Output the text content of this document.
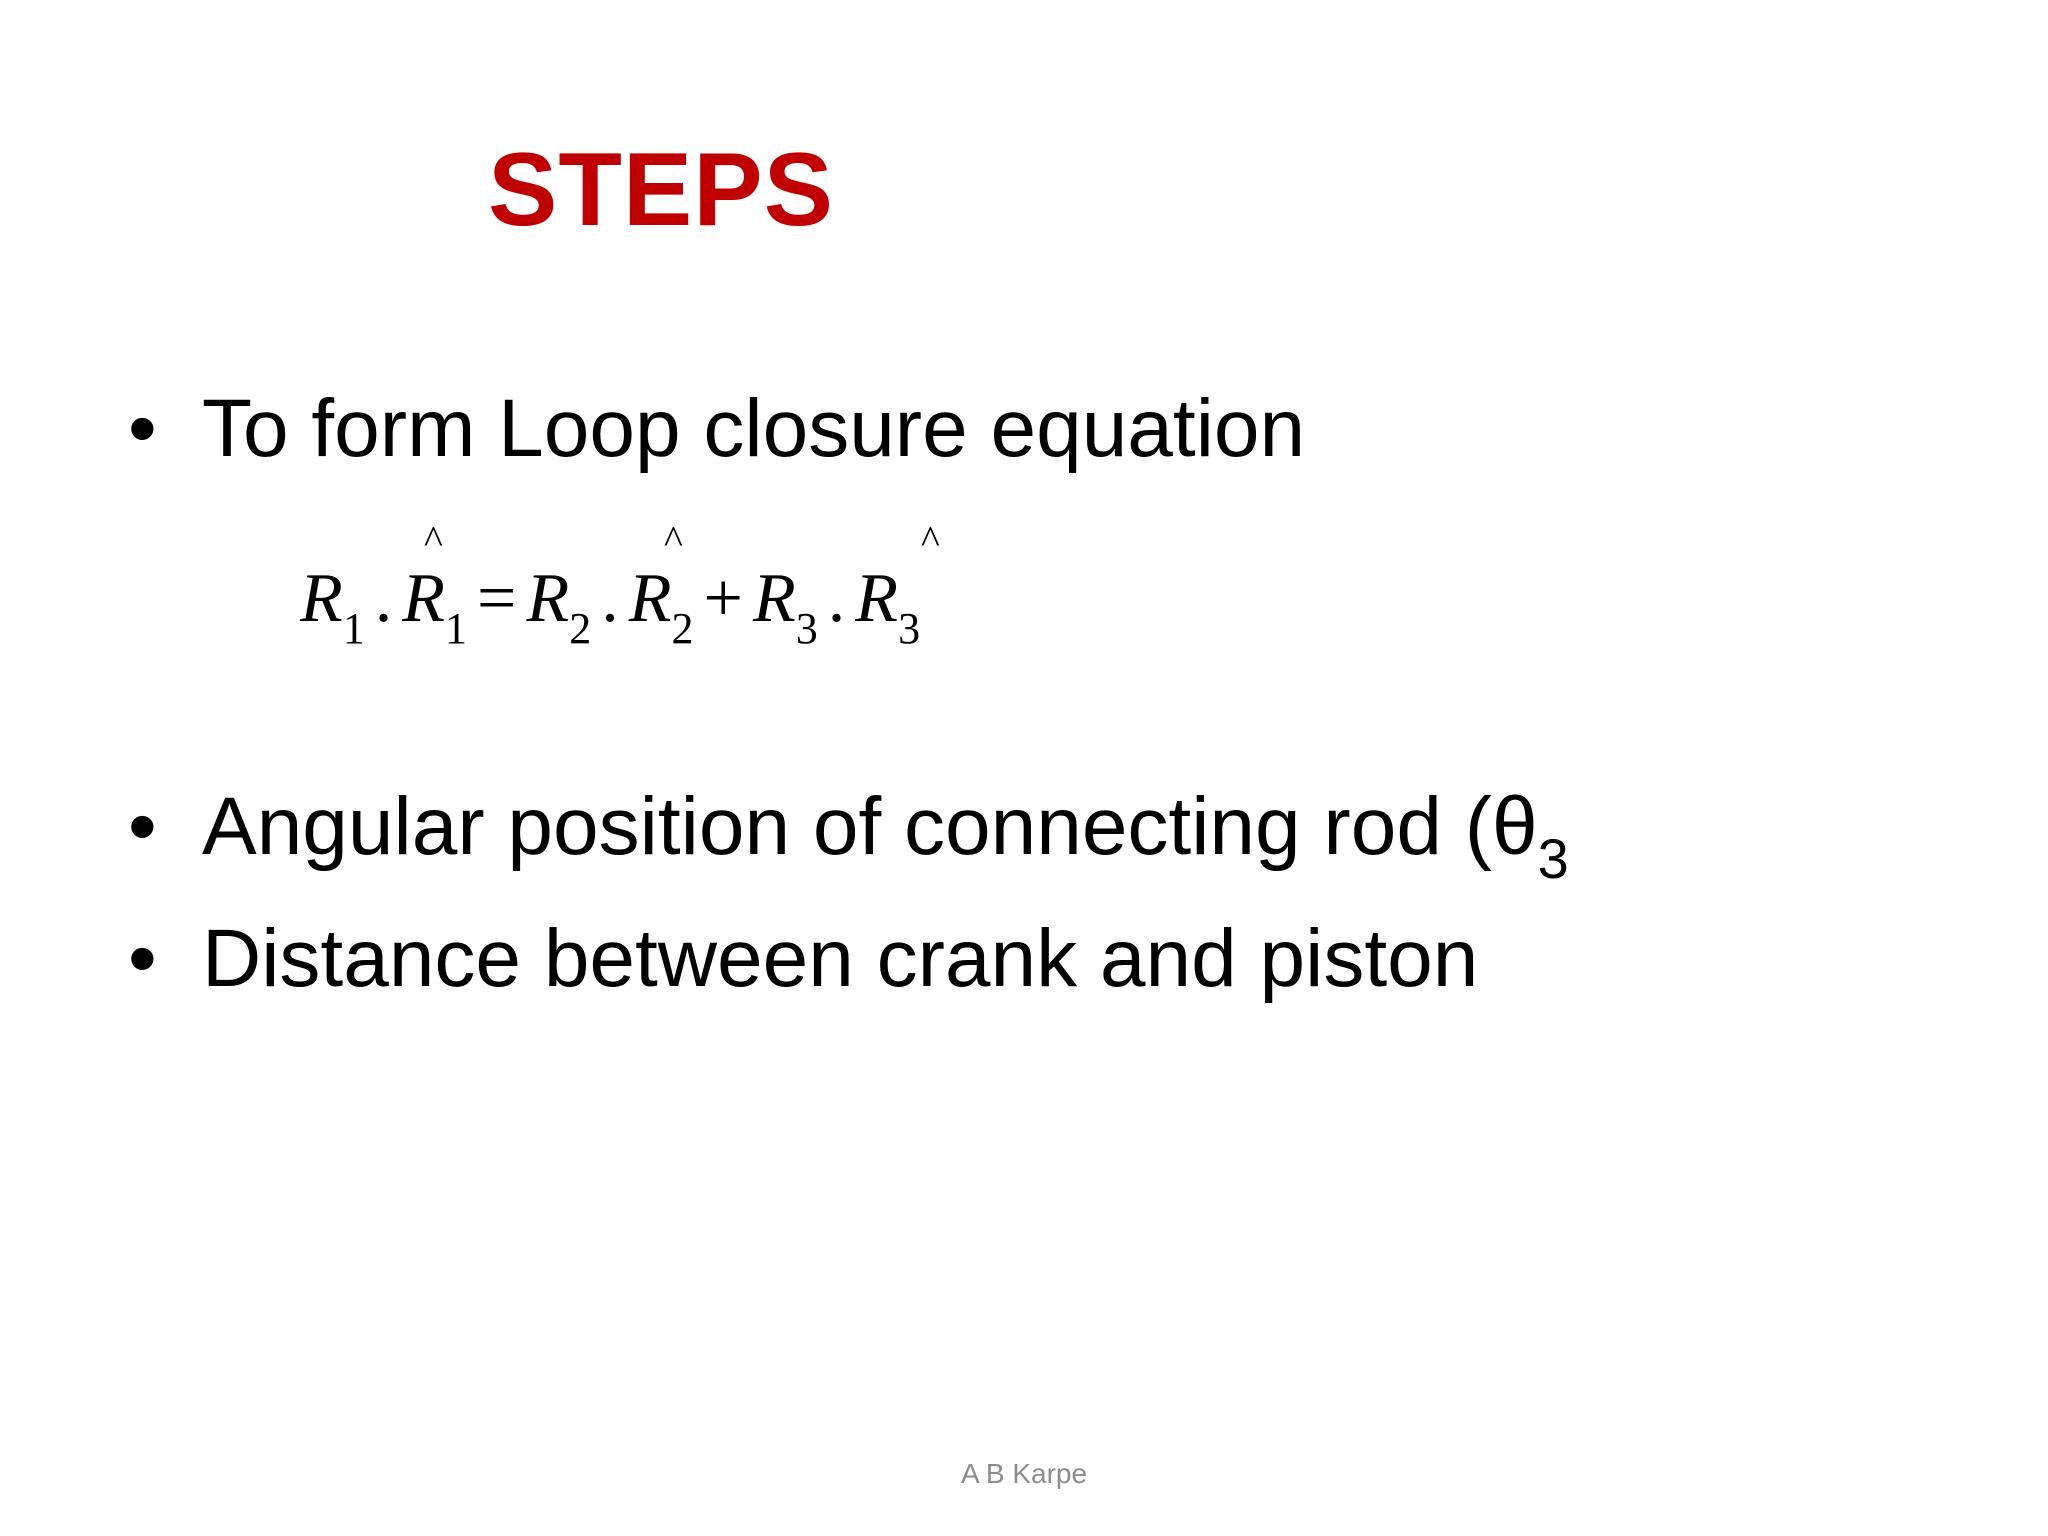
STEPS
• To form Loop closure equation
^	^	^
$R_1$ . $R_1 = R_2$ . $R_2 + R_3$ . $R_3$
• Angular position of connecting rod ($\theta_3$
• Distance between crank and piston
A B Karpe
